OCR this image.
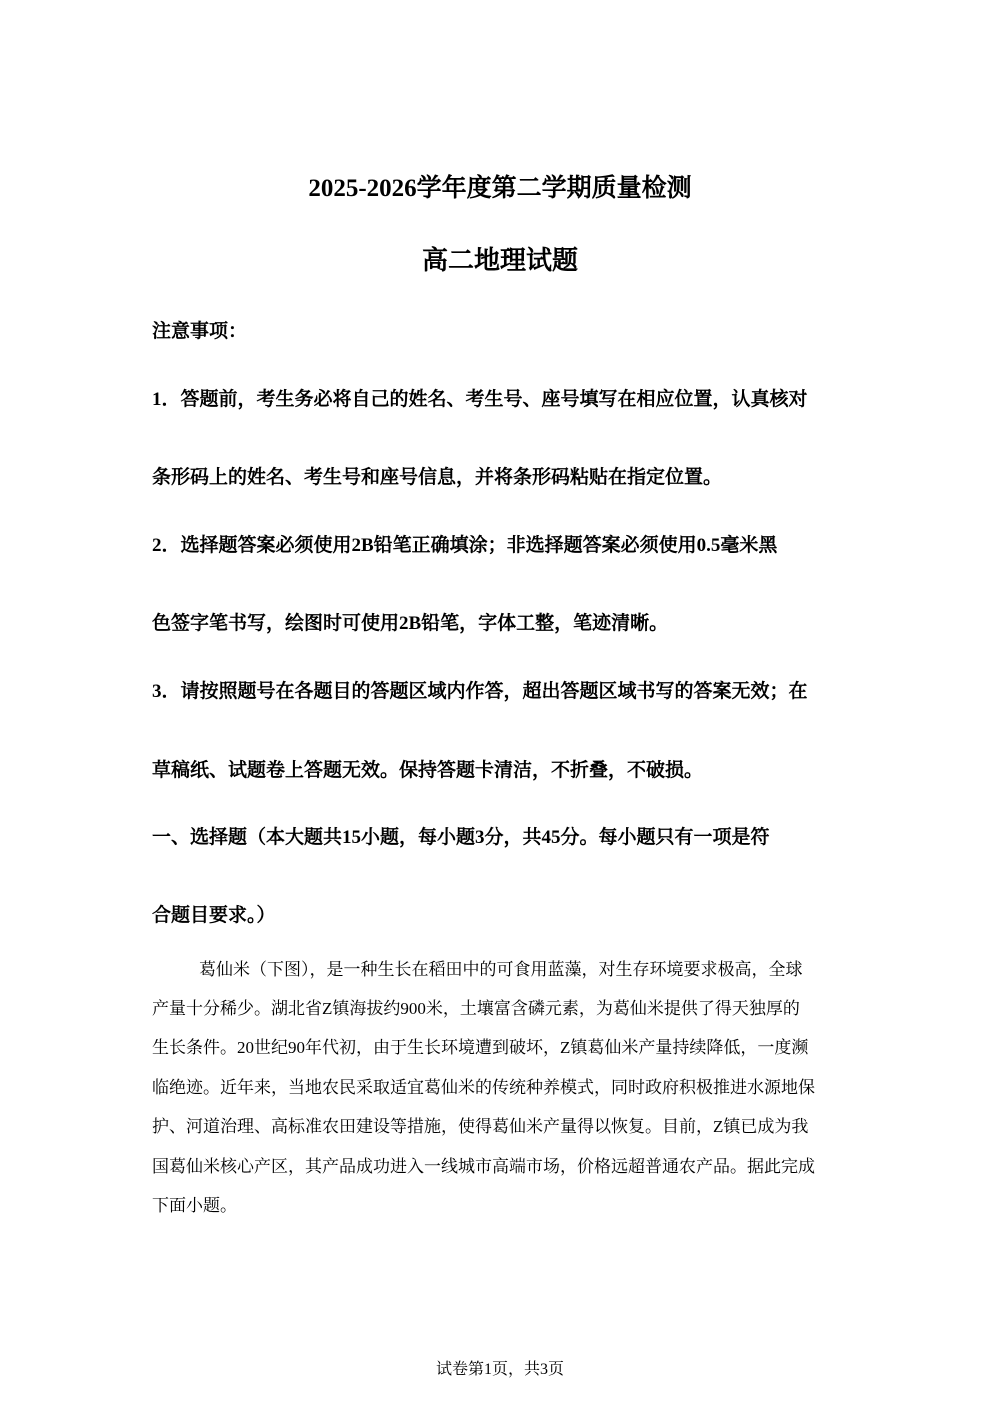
2025-2026学年度第二学期质量检测
高二地理试题
注意事项：
1．答题前，考生务必将自己的姓名、考生号、座号填写在相应位置，认真核对
条形码上的姓名、考生号和座号信息，并将条形码粘贴在指定位置。
2．选择题答案必须使用2B铅笔正确填涂；非选择题答案必须使用0.5毫米黑
色签字笔书写，绘图时可使用2B铅笔，字体工整，笔迹清晰。
3．请按照题号在各题目的答题区域内作答，超出答题区域书写的答案无效；在
草稿纸、试题卷上答题无效。保持答题卡清洁，不折叠，不破损。
一、选择题（本大题共15小题，每小题3分，共45分。每小题只有一项是符
合题目要求。）
葛仙米（下图），是一种生长在稻田中的可食用蓝藻，对生存环境要求极高，全球
产量十分稀少。湖北省Z镇海拔约900米，土壤富含磷元素，为葛仙米提供了得天独厚的
生长条件。20世纪90年代初，由于生长环境遭到破坏，Z镇葛仙米产量持续降低，一度濒
临绝迹。近年来，当地农民采取适宜葛仙米的传统种养模式，同时政府积极推进水源地保
护、河道治理、高标准农田建设等措施，使得葛仙米产量得以恢复。目前，Z镇已成为我
国葛仙米核心产区，其产品成功进入一线城市高端市场，价格远超普通农产品。据此完成
下面小题。
试卷第1页，共3页
